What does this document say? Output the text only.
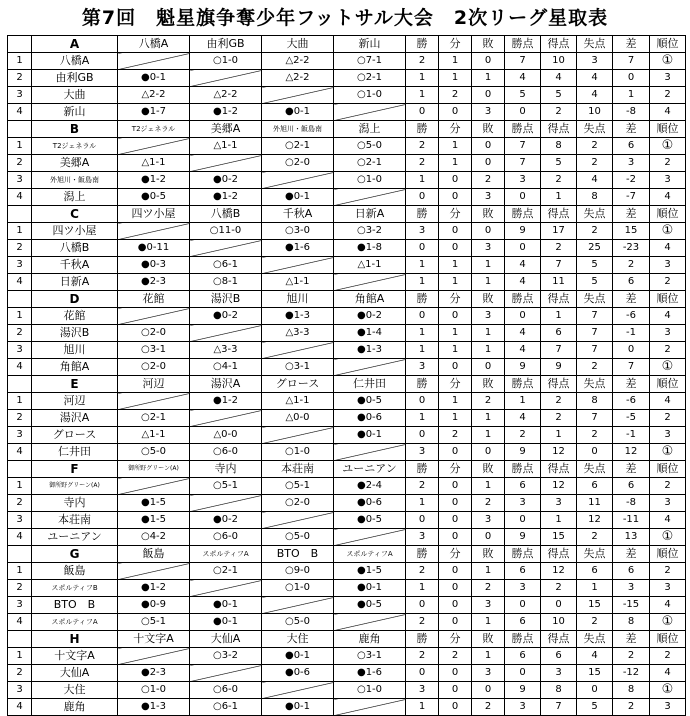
第7回　魁星旗争奪少年フットサル大会　2次リーグ星取表
	A	八橋A	由利GB	大曲	新山	勝	分	敗	勝点	得点	失点	差	順位
1	八橋A		○1-0	△2-2	○7-1	2	1	0	7	10	3	7	①
2	由利GB	●0-1		△2-2	○2-1	1	1	1	4	4	4	0	3
3	大曲	△2-2	△2-2		○1-0	1	2	0	5	5	4	1	2
4	新山	●1-7	●1-2	●0-1		0	0	3	0	2	10	-8	4
	B	T2ジェネラル	美郷A	外旭川・飯島南	潟上	勝	分	敗	勝点	得点	失点	差	順位
1	T2ジェネラル		△1-1	○2-1	○5-0	2	1	0	7	8	2	6	①
2	美郷A	△1-1		○2-0	○2-1	2	1	0	7	5	2	3	2
3	外旭川・飯島南	●1-2	●0-2		○1-0	1	0	2	3	2	4	-2	3
4	潟上	●0-5	●1-2	●0-1		0	0	3	0	1	8	-7	4
	C	四ツ小屋	八橋B	千秋A	日新A	勝	分	敗	勝点	得点	失点	差	順位
1	四ツ小屋		○11-0	○3-0	○3-2	3	0	0	9	17	2	15	①
2	八橋B	●0-11		●1-6	●1-8	0	0	3	0	2	25	-23	4
3	千秋A	●0-3	○6-1		△1-1	1	1	1	4	7	5	2	3
4	日新A	●2-3	○8-1	△1-1		1	1	1	4	11	5	6	2
	D	花館	湯沢B	旭川	角館A	勝	分	敗	勝点	得点	失点	差	順位
1	花館		●0-2	●1-3	●0-2	0	0	3	0	1	7	-6	4
2	湯沢B	○2-0		△3-3	●1-4	1	1	1	4	6	7	-1	3
3	旭川	○3-1	△3-3		●1-3	1	1	1	4	7	7	0	2
4	角館A	○2-0	○4-1	○3-1		3	0	0	9	9	2	7	①
	E	河辺	湯沢A	グロース	仁井田	勝	分	敗	勝点	得点	失点	差	順位
1	河辺		●1-2	△1-1	●0-5	0	1	2	1	2	8	-6	4
2	湯沢A	○2-1		△0-0	●0-6	1	1	1	4	2	7	-5	2
3	グロース	△1-1	△0-0		●0-1	0	2	1	2	1	2	-1	3
4	仁井田	○5-0	○6-0	○1-0		3	0	0	9	12	0	12	①
	F	御所野グリーン(A)	寺内	本荘南	ユーニアン	勝	分	敗	勝点	得点	失点	差	順位
1	御所野グリーン(A)		○5-1	○5-1	●2-4	2	0	1	6	12	6	6	2
2	寺内	●1-5		○2-0	●0-6	1	0	2	3	3	11	-8	3
3	本荘南	●1-5	●0-2		●0-5	0	0	3	0	1	12	-11	4
4	ユーニアン	○4-2	○6-0	○5-0		3	0	0	9	15	2	13	①
	G	飯島	スポルティフA	BTO　B	スポルティフA	勝	分	敗	勝点	得点	失点	差	順位
1	飯島		○2-1	○9-0	●1-5	2	0	1	6	12	6	6	2
2	スポルティフB	●1-2		○1-0	●0-1	1	0	2	3	2	1	3	3
3	BTO　B	●0-9	●0-1		●0-5	0	0	3	0	0	15	-15	4
4	スポルティフA	○5-1	●0-1	○5-0		2	0	1	6	10	2	8	①
	H	十文字A	大仙A	大住	鹿角	勝	分	敗	勝点	得点	失点	差	順位
1	十文字A		○3-2	●0-1	○3-1	2	2	1	6	6	4	2	2
2	大仙A	●2-3		●0-6	●1-6	0	0	3	0	3	15	-12	4
3	大住	○1-0	○6-0		○1-0	3	0	0	9	8	0	8	①
4	鹿角	●1-3	○6-1	●0-1		1	0	2	3	7	5	2	3
